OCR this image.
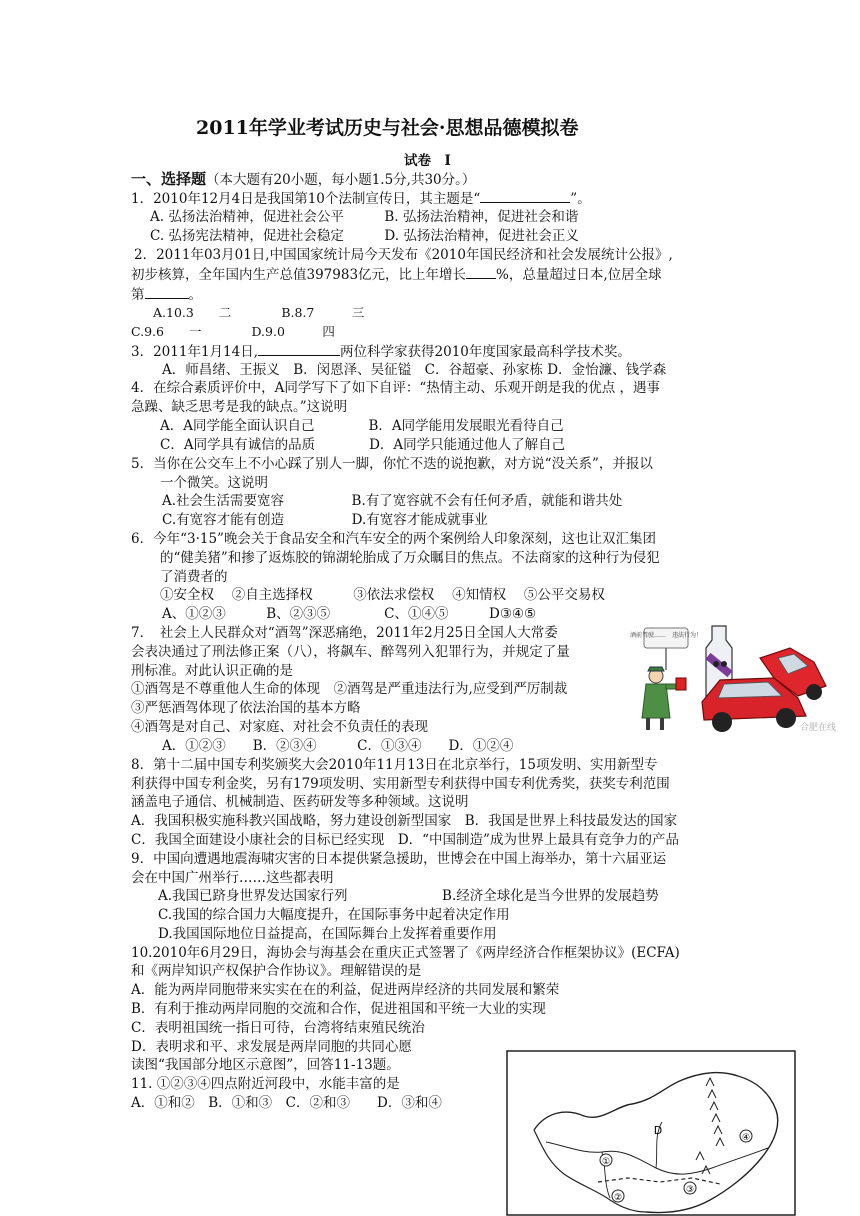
2011年学业考试历史与社会·思想品德模拟卷
试卷　I
一、选择题（本大题有20小题，每小题1.5分,共30分。）
1．2010年12月4日是我国第10个法制宣传日，其主题是“	”。
A. 弘扬法治精神，促进社会公平　　　B. 弘扬法治精神，促进社会和谐
C. 弘扬宪法精神，促进社会稳定　　　D. 弘扬法治精神，促进社会正义
2．2011年03月01日,中国国家统计局今天发布《2010年国民经济和社会发展统计公报》,
初步核算，全年国内生产总值397983亿元，比上年增长 %，总量超过日本,位居全球
第	。
A.10.3　　二　　　　B.8.7　　　三
C.9.6　　一　　　　D.9.0　　　四
3．2011年1月14日,	两位科学家获得2010年度国家最高科学技术奖。
A．师昌绪、王振义　B．闵恩泽、吴征镒　C．谷超豪、孙家栋 D．金怡濂、钱学森
4．在综合素质评价中，A同学写下了如下自评：“热情主动、乐观开朗是我的优点 ，遇事
急躁、缺乏思考是我的缺点。”这说明
A．A同学能全面认识自己　　　　B．A同学能用发展眼光看待自己
C．A同学具有诚信的品质　　　　D．A同学只能通过他人了解自己
5．当你在公交车上不小心踩了别人一脚，你忙不迭的说抱歉，对方说“没关系”，并报以
一个微笑。这说明
A.社会生活需要宽容　　　　　B.有了宽容就不会有任何矛盾，就能和谐共处
C.有宽容才能有创造　　　　　D.有宽容才能成就事业
6．今年“3·15”晚会关于食品安全和汽车安全的两个案例给人印象深刻，这也让双汇集团
的“健美猪”和掺了返炼胶的锦湖轮胎成了万众瞩目的焦点。不法商家的这种行为侵犯
了消费者的
①安全权　 ②自主选择权　　　③依法求偿权　 ④知情权　 ⑤公平交易权
A、①②③　　　B、②③⑤　　　　C、①④⑤　　　D③④⑤
7．　社会上人民群众对“酒驾”深恶痛绝，2011年2月25日全国人大常委
会表决通过了刑法修正案（八），将飙车、醉驾列入犯罪行为，并规定了量
刑标准。对此认识正确的是
①酒驾是不尊重他人生命的体现　②酒驾是严重违法行为,应受到严厉制裁
③严惩酒驾体现了依法治国的基本方略
④酒驾是对自己、对家庭、对社会不负责任的表现
A．①②③　　B．②③④　　　C．①③④　　D．①②④
酒前驾驶……　违法行为！
合肥在线
8．第十二届中国专利奖颁奖大会2010年11月13日在北京举行，15项发明、实用新型专
利获得中国专利金奖，另有179项发明、实用新型专利获得中国专利优秀奖，获奖专利范围
涵盖电子通信、机械制造、医药研发等多种领域。这说明
A．我国积极实施科教兴国战略，努力建设创新型国家　B．我国是世界上科技最发达的国家
C．我国全面建设小康社会的目标已经实现　D．“中国制造”成为世界上最具有竞争力的产品
9．中国向遭遇地震海啸灾害的日本提供紧急援助，世博会在中国上海举办，第十六届亚运
会在中国广州举行……这些都表明
A.我国已跻身世界发达国家行列　　　　　　　B.经济全球化是当今世界的发展趋势
C.我国的综合国力大幅度提升，在国际事务中起着决定作用
D.我国国际地位日益提高，在国际舞台上发挥着重要作用
10.2010年6月29日，海协会与海基会在重庆正式签署了《两岸经济合作框架协议》(ECFA)
和《两岸知识产权保护合作协议》。理解错误的是
A．能为两岸同胞带来实实在在的利益，促进两岸经济的共同发展和繁荣
B．有利于推动两岸同胞的交流和合作，促进祖国和平统一大业的实现
C．表明祖国统一指日可待，台湾将结束殖民统治
D．表明求和平、求发展是两岸同胞的共同心愿
读图“我国部分地区示意图”，回答11-13题。
11. ①②③④四点附近河段中，水能丰富的是
A．①和②　B．①和③　C．②和③　　D．③和④
①
②
③
④
D
